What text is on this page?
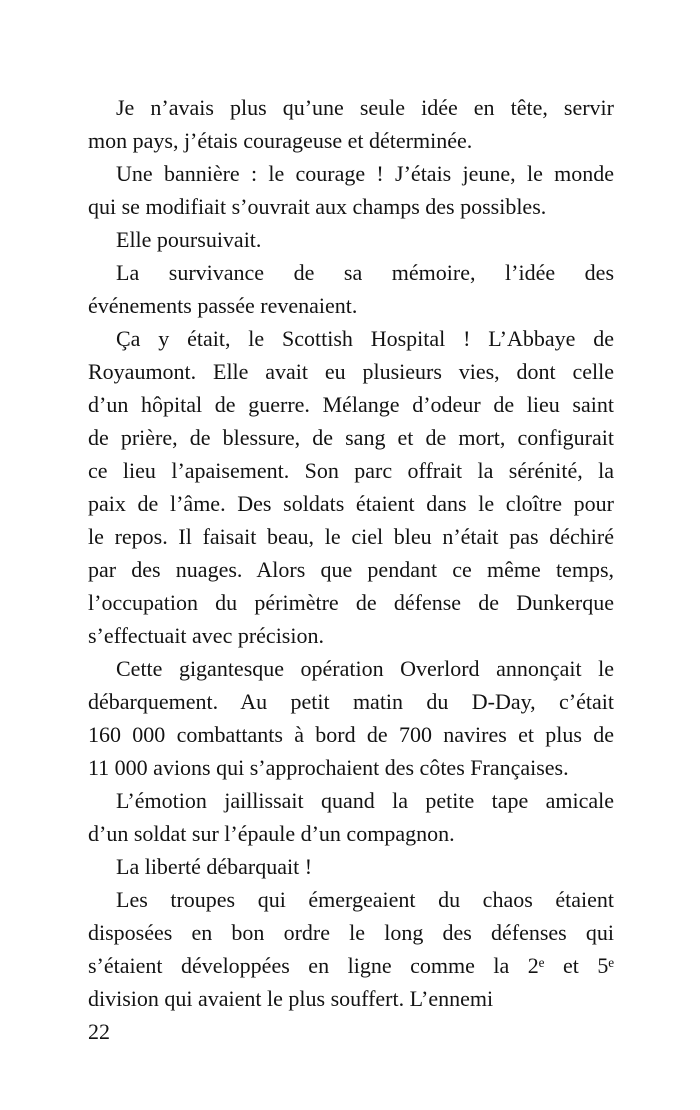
Je n’avais plus qu’une seule idée en tête, servir
mon pays, j’étais courageuse et déterminée.
Une bannière : le courage ! J’étais jeune, le monde
qui se modifiait s’ouvrait aux champs des possibles.
Elle poursuivait.
La survivance de sa mémoire, l’idée des
événements passée revenaient.
Ça y était, le Scottish Hospital ! L’Abbaye de
Royaumont. Elle avait eu plusieurs vies, dont celle
d’un hôpital de guerre. Mélange d’odeur de lieu saint
de prière, de blessure, de sang et de mort, configurait
ce lieu l’apaisement. Son parc offrait la sérénité, la
paix de l’âme. Des soldats étaient dans le cloître pour
le repos. Il faisait beau, le ciel bleu n’était pas déchiré
par des nuages. Alors que pendant ce même temps,
l’occupation du périmètre de défense de Dunkerque
s’effectuait avec précision.
Cette gigantesque opération Overlord annonçait le
débarquement. Au petit matin du D-Day, c’était
160 000 combattants à bord de 700 navires et plus de
11 000 avions qui s’approchaient des côtes Françaises.
L’émotion jaillissait quand la petite tape amicale
d’un soldat sur l’épaule d’un compagnon.
La liberté débarquait !
Les troupes qui émergeaient du chaos étaient
disposées en bon ordre le long des défenses qui
s’étaient développées en ligne comme la 2ᵉ et 5ᵉ
division qui avaient le plus souffert. L’ennemi
22
